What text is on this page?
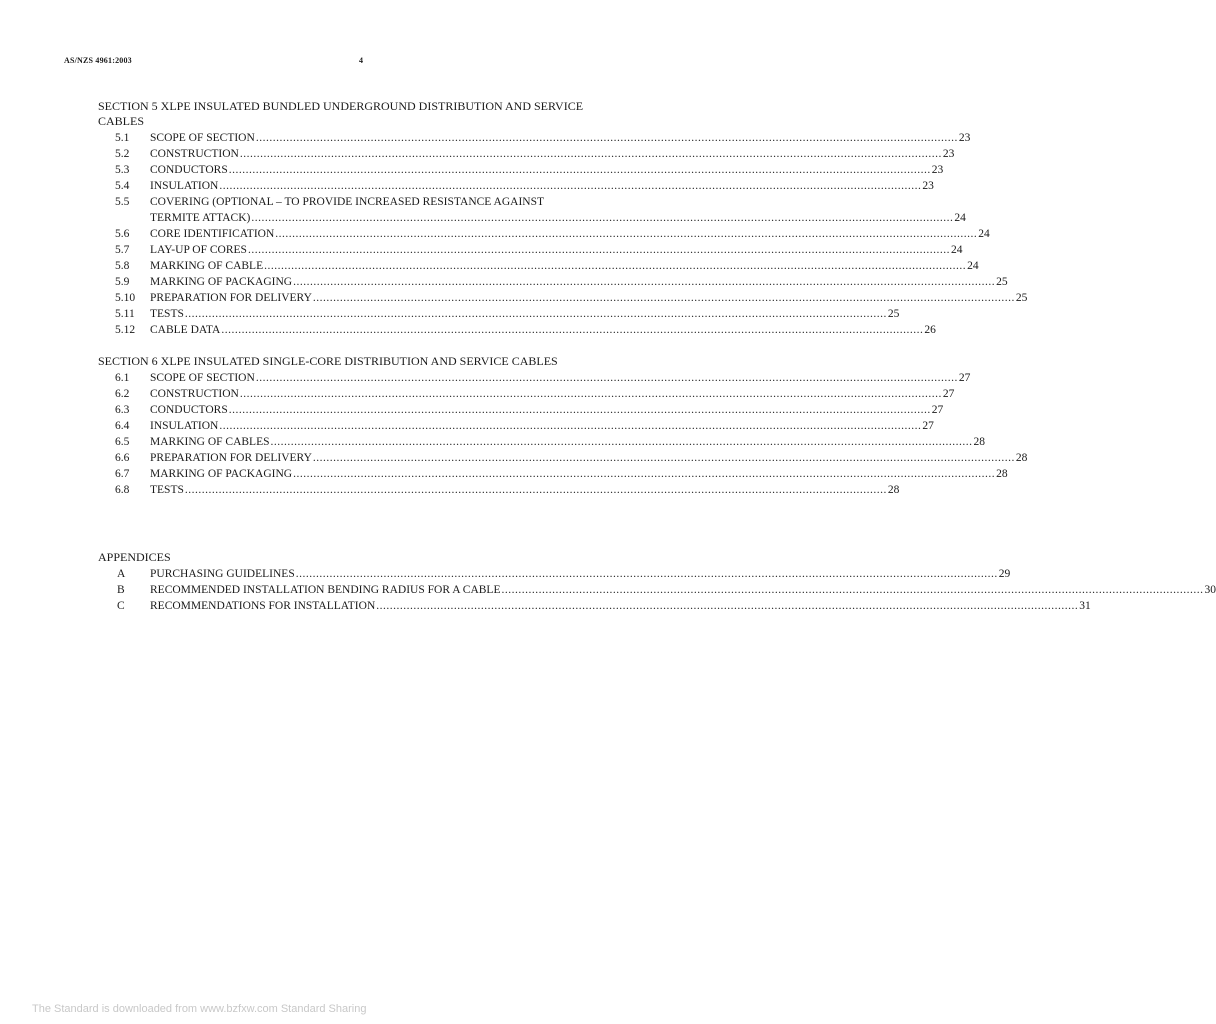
AS/NZS 4961:2003	4
SECTION 5 XLPE INSULATED BUNDLED UNDERGROUND DISTRIBUTION AND SERVICE CABLES
5.1	SCOPE OF SECTION .....	23
5.2	CONSTRUCTION .....	23
5.3	CONDUCTORS .....	23
5.4	INSULATION .....	23
5.5	COVERING (OPTIONAL – TO PROVIDE INCREASED RESISTANCE AGAINST
TERMITE ATTACK) .....	24
5.6	CORE IDENTIFICATION .....	24
5.7	LAY-UP OF CORES .....	24
5.8	MARKING OF CABLE .....	24
5.9	MARKING OF PACKAGING .....	25
5.10	PREPARATION FOR DELIVERY .....	25
5.11	TESTS .....	25
5.12	CABLE DATA .....	26
SECTION 6 XLPE INSULATED SINGLE-CORE DISTRIBUTION AND SERVICE CABLES
6.1	SCOPE OF SECTION .....	27
6.2	CONSTRUCTION .....	27
6.3	CONDUCTORS .....	27
6.4	INSULATION .....	27
6.5	MARKING OF CABLES .....	28
6.6	PREPARATION FOR DELIVERY .....	28
6.7	MARKING OF PACKAGING .....	28
6.8	TESTS .....	28
APPENDICES
A	PURCHASING GUIDELINES .....	29
B	RECOMMENDED INSTALLATION BENDING RADIUS FOR A CABLE .....	30
C	RECOMMENDATIONS FOR INSTALLATION .....	31
The Standard is downloaded from www.bzfxw.com Standard Sharing
